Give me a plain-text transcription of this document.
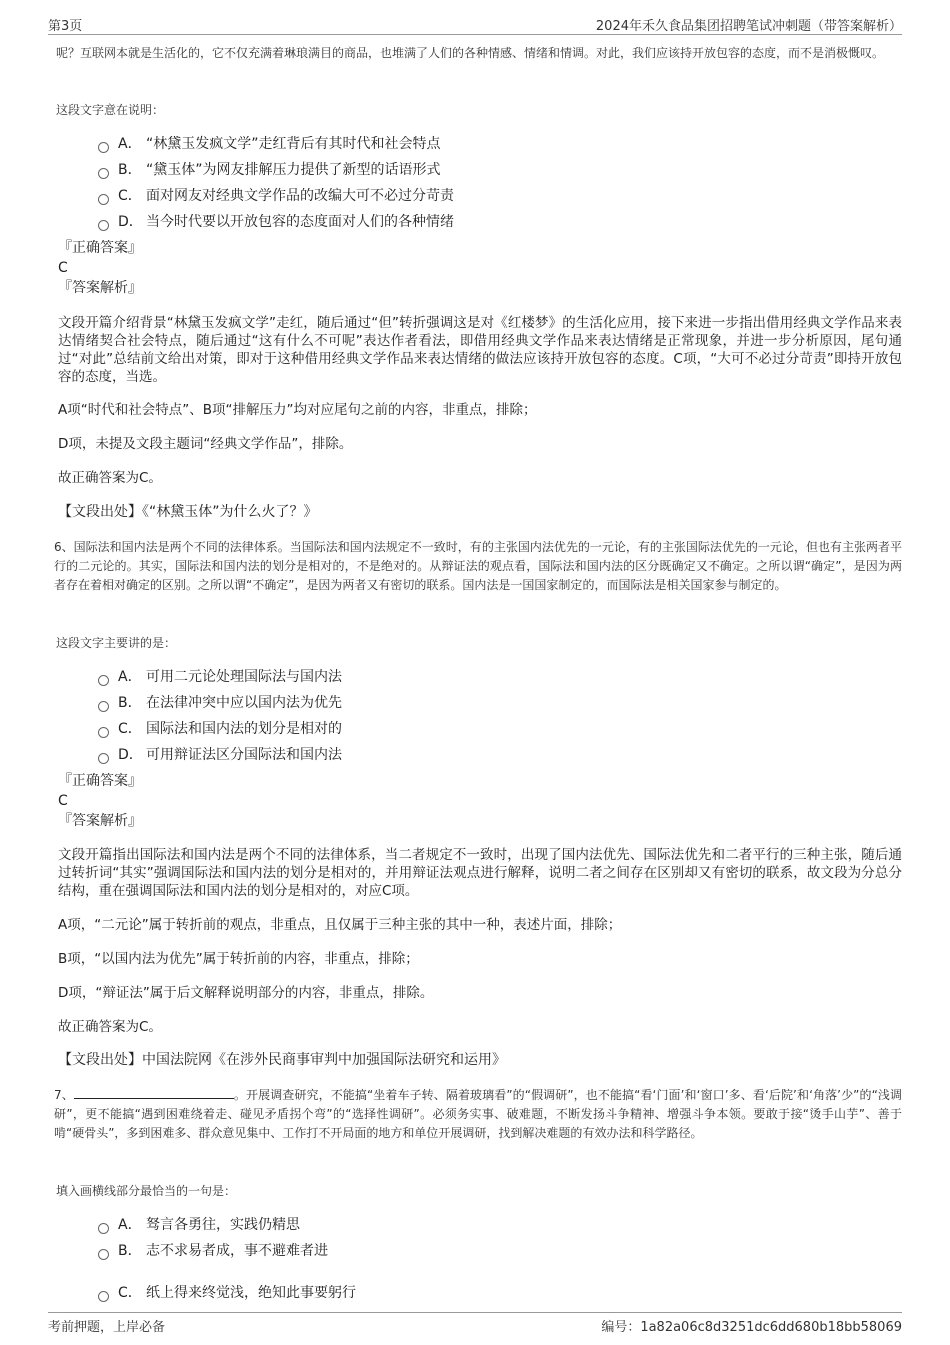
第3页	2024年禾久食品集团招聘笔试冲刺题（带答案解析）

呢？互联网本就是生活化的，它不仅充满着琳琅满目的商品，也堆满了人们的各种情感、情绪和情调。对此，我们应该持开放包容的态度，而不是消极慨叹。

这段文字意在说明：

A． “林黛玉发疯文学”走红背后有其时代和社会特点
B． “黛玉体”为网友排解压力提供了新型的话语形式
C． 面对网友对经典文学作品的改编大可不必过分苛责
D． 当今时代要以开放包容的态度面对人们的各种情绪

『正确答案』

C

『答案解析』

文段开篇介绍背景“林黛玉发疯文学”走红，随后通过“但”转折强调这是对《红楼梦》的生活化应用，接下来进一步指出借用经典文学作品来表达情绪契合社会特点，随后通过“这有什么不可呢”表达作者看法，即借用经典文学作品来表达情绪是正常现象，并进一步分析原因，尾句通过“对此”总结前文给出对策，即对于这种借用经典文学作品来表达情绪的做法应该持开放包容的态度。C项，“大可不必过分苛责”即持开放包容的态度，当选。

A项“时代和社会特点”、B项“排解压力”均对应尾句之前的内容，非重点，排除；

D项，未提及文段主题词“经典文学作品”，排除。

故正确答案为C。

【文段出处】《“林黛玉体”为什么火了？》

6、国际法和国内法是两个不同的法律体系。当国际法和国内法规定不一致时，有的主张国内法优先的一元论，有的主张国际法优先的一元论，但也有主张两者平行的二元论的。其实，国际法和国内法的划分是相对的，不是绝对的。从辩证法的观点看，国际法和国内法的区分既确定又不确定。之所以谓“确定”，是因为两者存在着相对确定的区别。之所以谓“不确定”，是因为两者又有密切的联系。国内法是一国国家制定的，而国际法是相关国家参与制定的。

这段文字主要讲的是：

A． 可用二元论处理国际法与国内法
B． 在法律冲突中应以国内法为优先
C． 国际法和国内法的划分是相对的
D． 可用辩证法区分国际法和国内法

『正确答案』

C

『答案解析』

文段开篇指出国际法和国内法是两个不同的法律体系，当二者规定不一致时，出现了国内法优先、国际法优先和二者平行的三种主张，随后通过转折词“其实”强调国际法和国内法的划分是相对的，并用辩证法观点进行解释，说明二者之间存在区别却又有密切的联系，故文段为分总分结构，重在强调国际法和国内法的划分是相对的，对应C项。

A项，“二元论”属于转折前的观点，非重点，且仅属于三种主张的其中一种，表述片面，排除；

B项，“以国内法为优先”属于转折前的内容，非重点，排除；

D项，“辩证法”属于后文解释说明部分的内容，非重点，排除。

故正确答案为C。

【文段出处】中国法院网《在涉外民商事审判中加强国际法研究和运用》

7、	。开展调查研究，不能搞“坐着车子转、隔着玻璃看”的“假调研”，也不能搞“看‘门面’和‘窗口’多、看‘后院’和‘角落’少”的“浅调研”，更不能搞“遇到困难绕着走、碰见矛盾拐个弯”的“选择性调研”。必须务实事、破难题，不断发扬斗争精神、增强斗争本领。要敢于接“烫手山芋”、善于啃“硬骨头”，多到困难多、群众意见集中、工作打不开局面的地方和单位开展调研，找到解决难题的有效办法和科学路径。

填入画横线部分最恰当的一句是：

A． 驽言各勇往，实践仍精思
B． 志不求易者成，事不避难者进
C． 纸上得来终觉浅，绝知此事要躬行
考前押题，上岸必备	编号：1a82a06c8d3251dc6dd680b18bb58069
